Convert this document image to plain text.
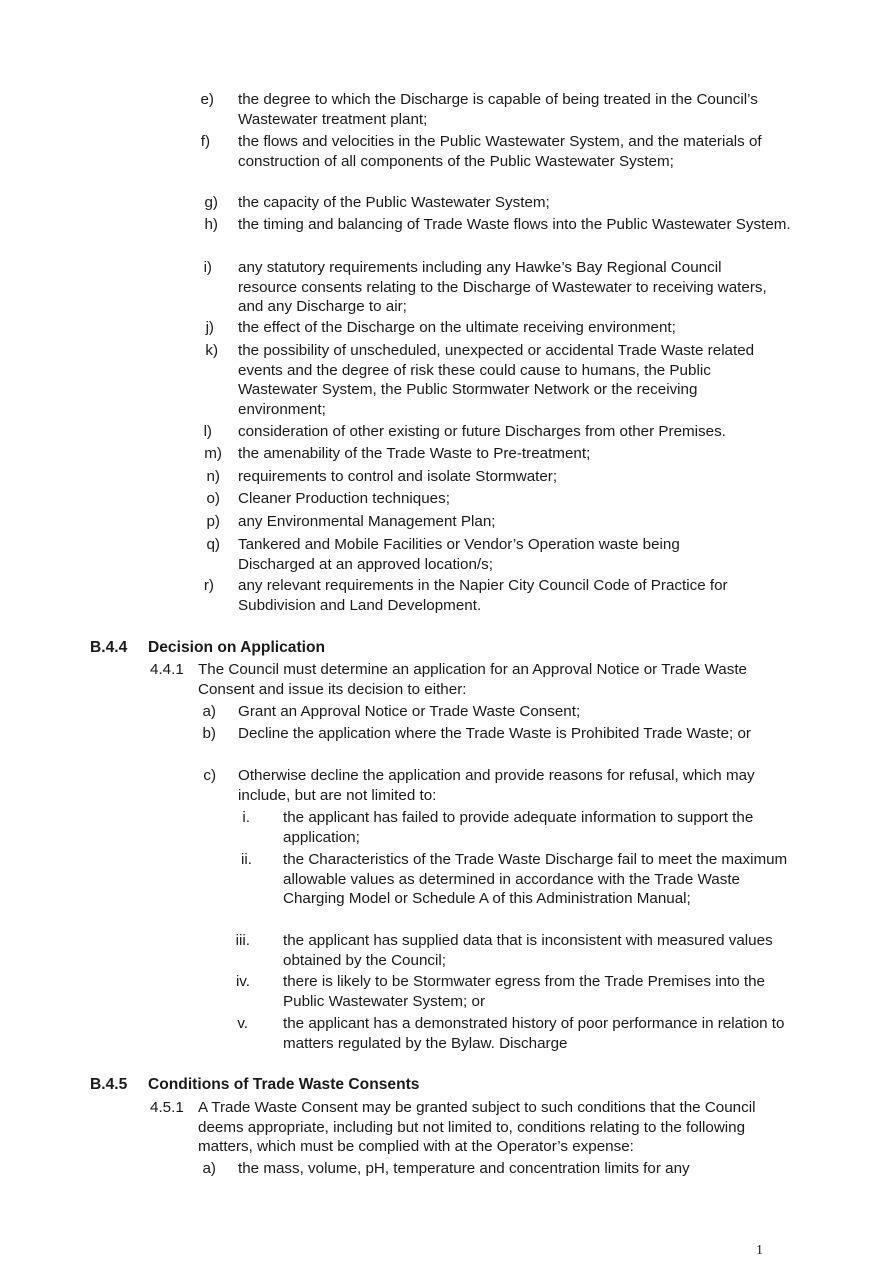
e) the degree to which the Discharge is capable of being treated in the Council’s Wastewater treatment plant;
f) the flows and velocities in the Public Wastewater System, and the materials of construction of all components of the Public Wastewater System;
g) the capacity of the Public Wastewater System;
h) the timing and balancing of Trade Waste flows into the Public Wastewater System.
i) any statutory requirements including any Hawke’s Bay Regional Council resource consents relating to the Discharge of Wastewater to receiving waters, and any Discharge to air;
j) the effect of the Discharge on the ultimate receiving environment;
k) the possibility of unscheduled, unexpected or accidental Trade Waste related events and the degree of risk these could cause to humans, the Public Wastewater System, the Public Stormwater Network or the receiving environment;
l) consideration of other existing or future Discharges from other Premises.
m) the amenability of the Trade Waste to Pre-treatment;
n) requirements to control and isolate Stormwater;
o) Cleaner Production techniques;
p) any Environmental Management Plan;
q) Tankered and Mobile Facilities or Vendor’s Operation waste being Discharged at an approved location/s;
r) any relevant requirements in the Napier City Council Code of Practice for Subdivision and Land Development.
B.4.4 Decision on Application
4.4.1 The Council must determine an application for an Approval Notice or Trade Waste Consent and issue its decision to either:
a) Grant an Approval Notice or Trade Waste Consent;
b) Decline the application where the Trade Waste is Prohibited Trade Waste; or
c) Otherwise decline the application and provide reasons for refusal, which may include, but are not limited to:
i. the applicant has failed to provide adequate information to support the application;
ii. the Characteristics of the Trade Waste Discharge fail to meet the maximum allowable values as determined in accordance with the Trade Waste Charging Model or Schedule A of this Administration Manual;
iii. the applicant has supplied data that is inconsistent with measured values obtained by the Council;
iv. there is likely to be Stormwater egress from the Trade Premises into the Public Wastewater System; or
v. the applicant has a demonstrated history of poor performance in relation to matters regulated by the Bylaw. Discharge
B.4.5 Conditions of Trade Waste Consents
4.5.1 A Trade Waste Consent may be granted subject to such conditions that the Council deems appropriate, including but not limited to, conditions relating to the following matters, which must be complied with at the Operator’s expense:
a) the mass, volume, pH, temperature and concentration limits for any
1
